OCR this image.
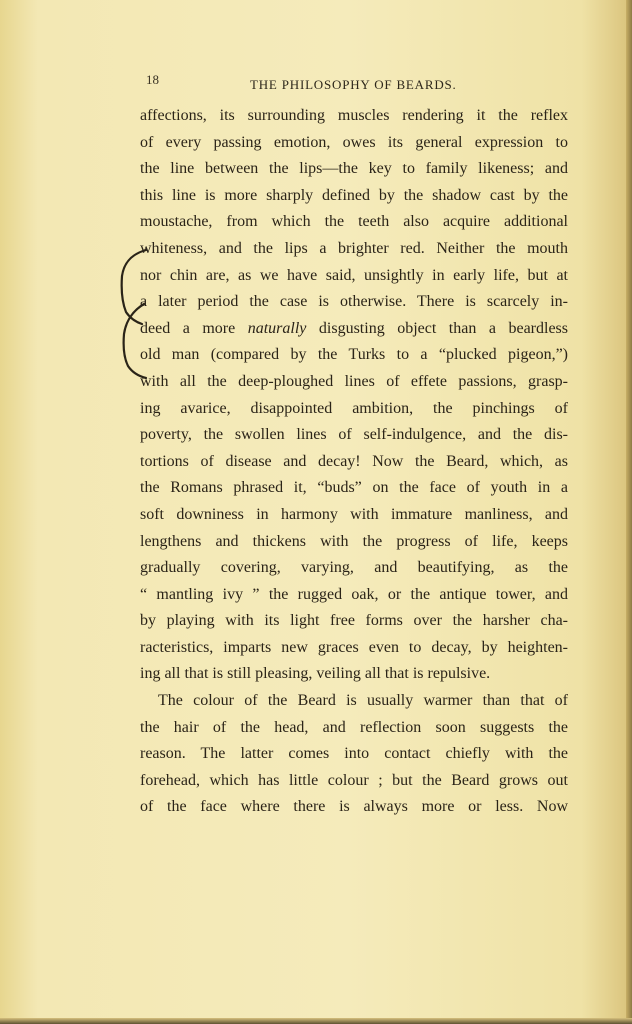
18	THE PHILOSOPHY OF BEARDS.
affections, its surrounding muscles rendering it the reflex
of every passing emotion, owes its general expression to
the line between the lips—the key to family likeness; and
this line is more sharply defined by the shadow cast by the
moustache, from which the teeth also acquire additional
whiteness, and the lips a brighter red. Neither the mouth
nor chin are, as we have said, unsightly in early life, but at
a later period the case is otherwise. There is scarcely in-
deed a more naturally disgusting object than a beardless
old man (compared by the Turks to a “plucked pigeon,”)
with all the deep-ploughed lines of effete passions, grasp-
ing avarice, disappointed ambition, the pinchings of
poverty, the swollen lines of self-indulgence, and the dis-
tortions of disease and decay! Now the Beard, which, as
the Romans phrased it, “buds” on the face of youth in a
soft downiness in harmony with immature manliness, and
lengthens and thickens with the progress of life, keeps
gradually covering, varying, and beautifying, as the
“ mantling ivy ” the rugged oak, or the antique tower, and
by playing with its light free forms over the harsher cha-
racteristics, imparts new graces even to decay, by heighten-
ing all that is still pleasing, veiling all that is repulsive.
The colour of the Beard is usually warmer than that of
the hair of the head, and reflection soon suggests the
reason. The latter comes into contact chiefly with the
forehead, which has little colour ; but the Beard grows out
of the face where there is always more or less. Now
